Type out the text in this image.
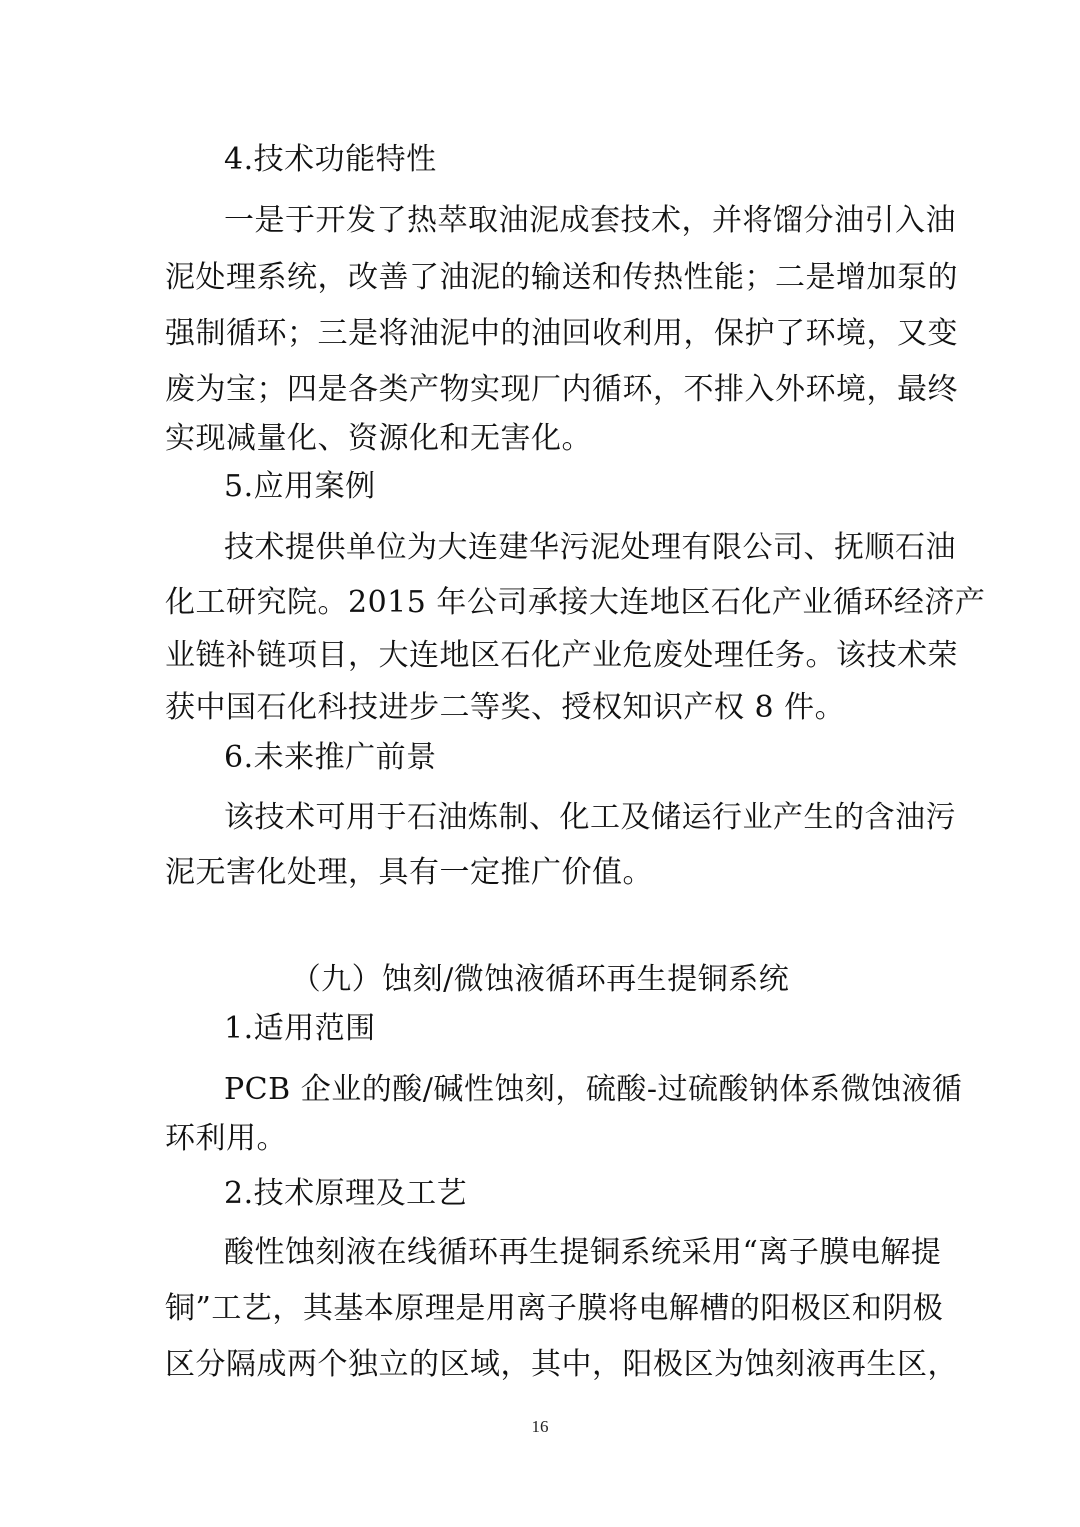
4.技术功能特性
一是于开发了热萃取油泥成套技术，并将馏分油引入油
泥处理系统，改善了油泥的输送和传热性能；二是增加泵的
强制循环；三是将油泥中的油回收利用，保护了环境，又变
废为宝；四是各类产物实现厂内循环，不排入外环境，最终
实现减量化、资源化和无害化。
5.应用案例
技术提供单位为大连建华污泥处理有限公司、抚顺石油
化工研究院。2015 年公司承接大连地区石化产业循环经济产
业链补链项目，大连地区石化产业危废处理任务。该技术荣
获中国石化科技进步二等奖、授权知识产权 8 件。
6.未来推广前景
该技术可用于石油炼制、化工及储运行业产生的含油污
泥无害化处理，具有一定推广价值。
（九）蚀刻/微蚀液循环再生提铜系统
1.适用范围
PCB 企业的酸/碱性蚀刻，硫酸-过硫酸钠体系微蚀液循
环利用。
2.技术原理及工艺
酸性蚀刻液在线循环再生提铜系统采用“离子膜电解提
铜”工艺，其基本原理是用离子膜将电解槽的阳极区和阴极
区分隔成两个独立的区域，其中，阳极区为蚀刻液再生区，
16
